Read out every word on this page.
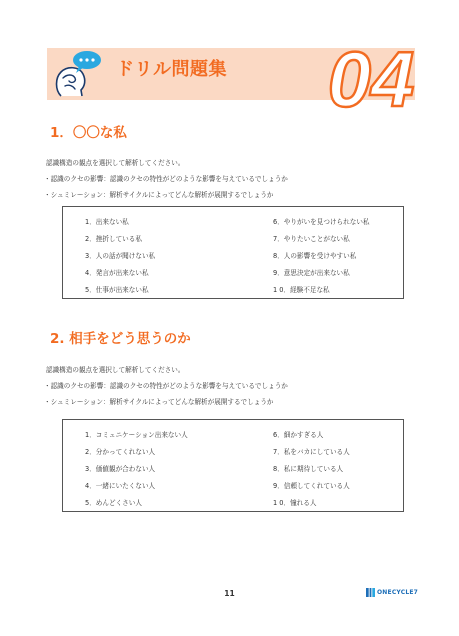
ドリル問題集 04
1．〇〇な私
認識構造の観点を選択して解析してください。
・認識のクセの影響：認識のクセの特性がどのような影響を与えているでしょうか
・シュミレーション：解析サイクルによってどんな解析が展開するでしょうか
1．出来ない私
2．挫折している私
3．人の話が聞けない私
4．発言が出来ない私
5．仕事が出来ない私
6．やりがいを見つけられない私
7．やりたいことがない私
8．人の影響を受けやすい私
9．意思決定が出来ない私
1 0．経験不足な私
2. 相手をどう思うのか
認識構造の観点を選択して解析してください。
・認識のクセの影響：認識のクセの特性がどのような影響を与えているでしょうか
・シュミレーション：解析サイクルによってどんな解析が展開するでしょうか
1．コミュニケーション出来ない人
2．分かってくれない人
3．価値観が合わない人
4．一緒にいたくない人
5．めんどくさい人
6．細かすぎる人
7．私をバカにしている人
8．私に期待している人
9．信頼してくれている人
1 0．憧れる人
11	ONECYCLE7
